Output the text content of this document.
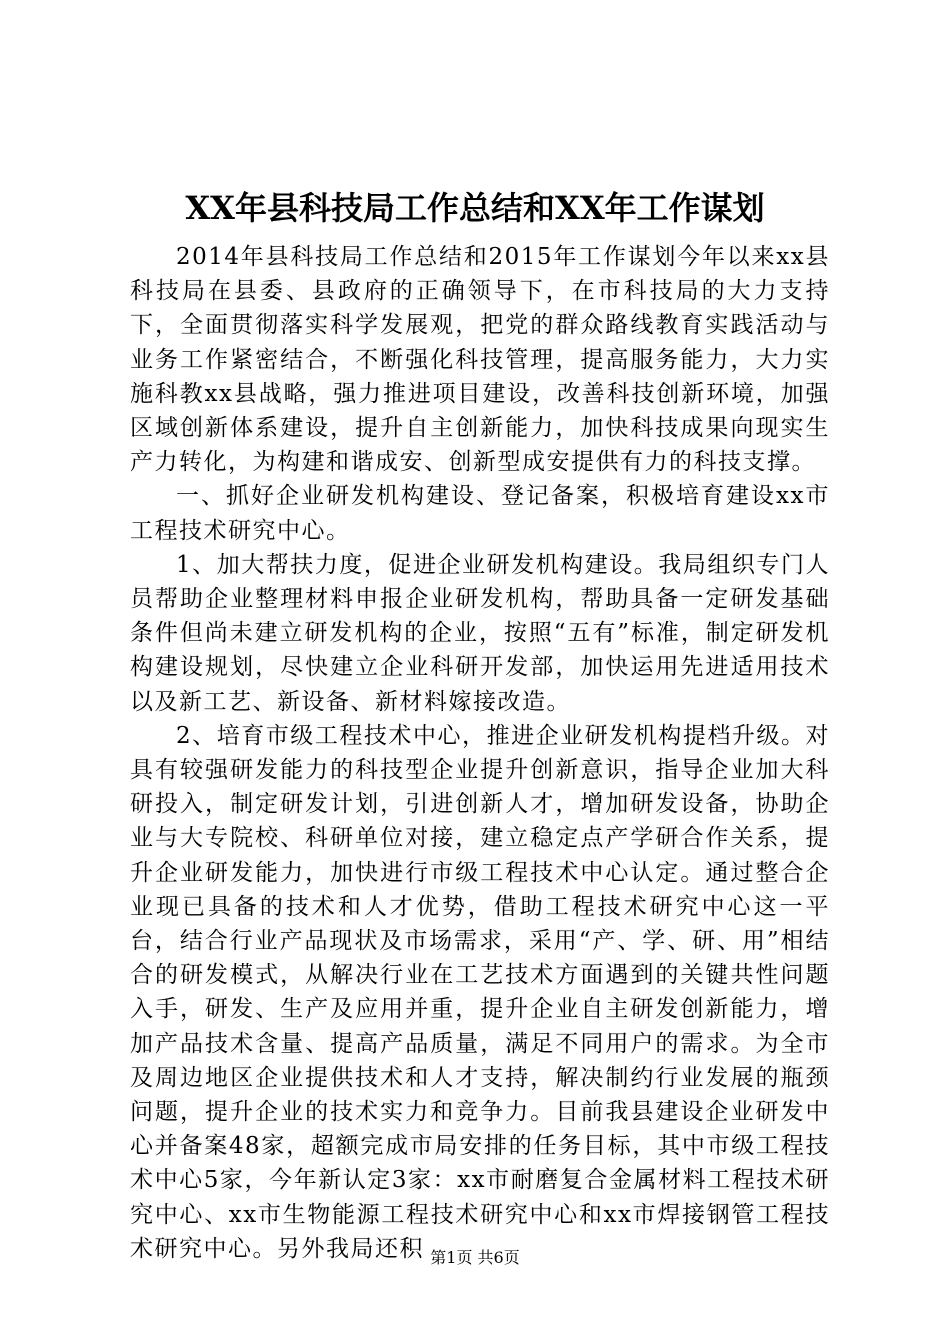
XX年县科技局工作总结和XX年工作谋划

2014年县科技局工作总结和2015年工作谋划今年以来xx县科技局在县委、县政府的正确领导下，在市科技局的大力支持下，全面贯彻落实科学发展观，把党的群众路线教育实践活动与业务工作紧密结合，不断强化科技管理，提高服务能力，大力实施科教xx县战略，强力推进项目建设，改善科技创新环境，加强区域创新体系建设，提升自主创新能力，加快科技成果向现实生产力转化，为构建和谐成安、创新型成安提供有力的科技支撑。

一、抓好企业研发机构建设、登记备案，积极培育建设xx市工程技术研究中心。

1、加大帮扶力度，促进企业研发机构建设。我局组织专门人员帮助企业整理材料申报企业研发机构，帮助具备一定研发基础条件但尚未建立研发机构的企业，按照“五有”标准，制定研发机构建设规划，尽快建立企业科研开发部，加快运用先进适用技术以及新工艺、新设备、新材料嫁接改造。

2、培育市级工程技术中心，推进企业研发机构提档升级。对具有较强研发能力的科技型企业提升创新意识，指导企业加大科研投入，制定研发计划，引进创新人才，增加研发设备，协助企业与大专院校、科研单位对接，建立稳定点产学研合作关系，提升企业研发能力，加快进行市级工程技术中心认定。通过整合企业现已具备的技术和人才优势，借助工程技术研究中心这一平台，结合行业产品现状及市场需求，采用“产、学、研、用”相结合的研发模式，从解决行业在工艺技术方面遇到的关键共性问题入手，研发、生产及应用并重，提升企业自主研发创新能力，增加产品技术含量、提高产品质量，满足不同用户的需求。为全市及周边地区企业提供技术和人才支持，解决制约行业发展的瓶颈问题，提升企业的技术实力和竞争力。目前我县建设企业研发中心并备案48家，超额完成市局安排的任务目标，其中市级工程技术中心5家，今年新认定3家：xx市耐磨复合金属材料工程技术研究中心、xx市生物能源工程技术研究中心和xx市焊接钢管工程技术研究中心。另外我局还积 第1页 共6页
